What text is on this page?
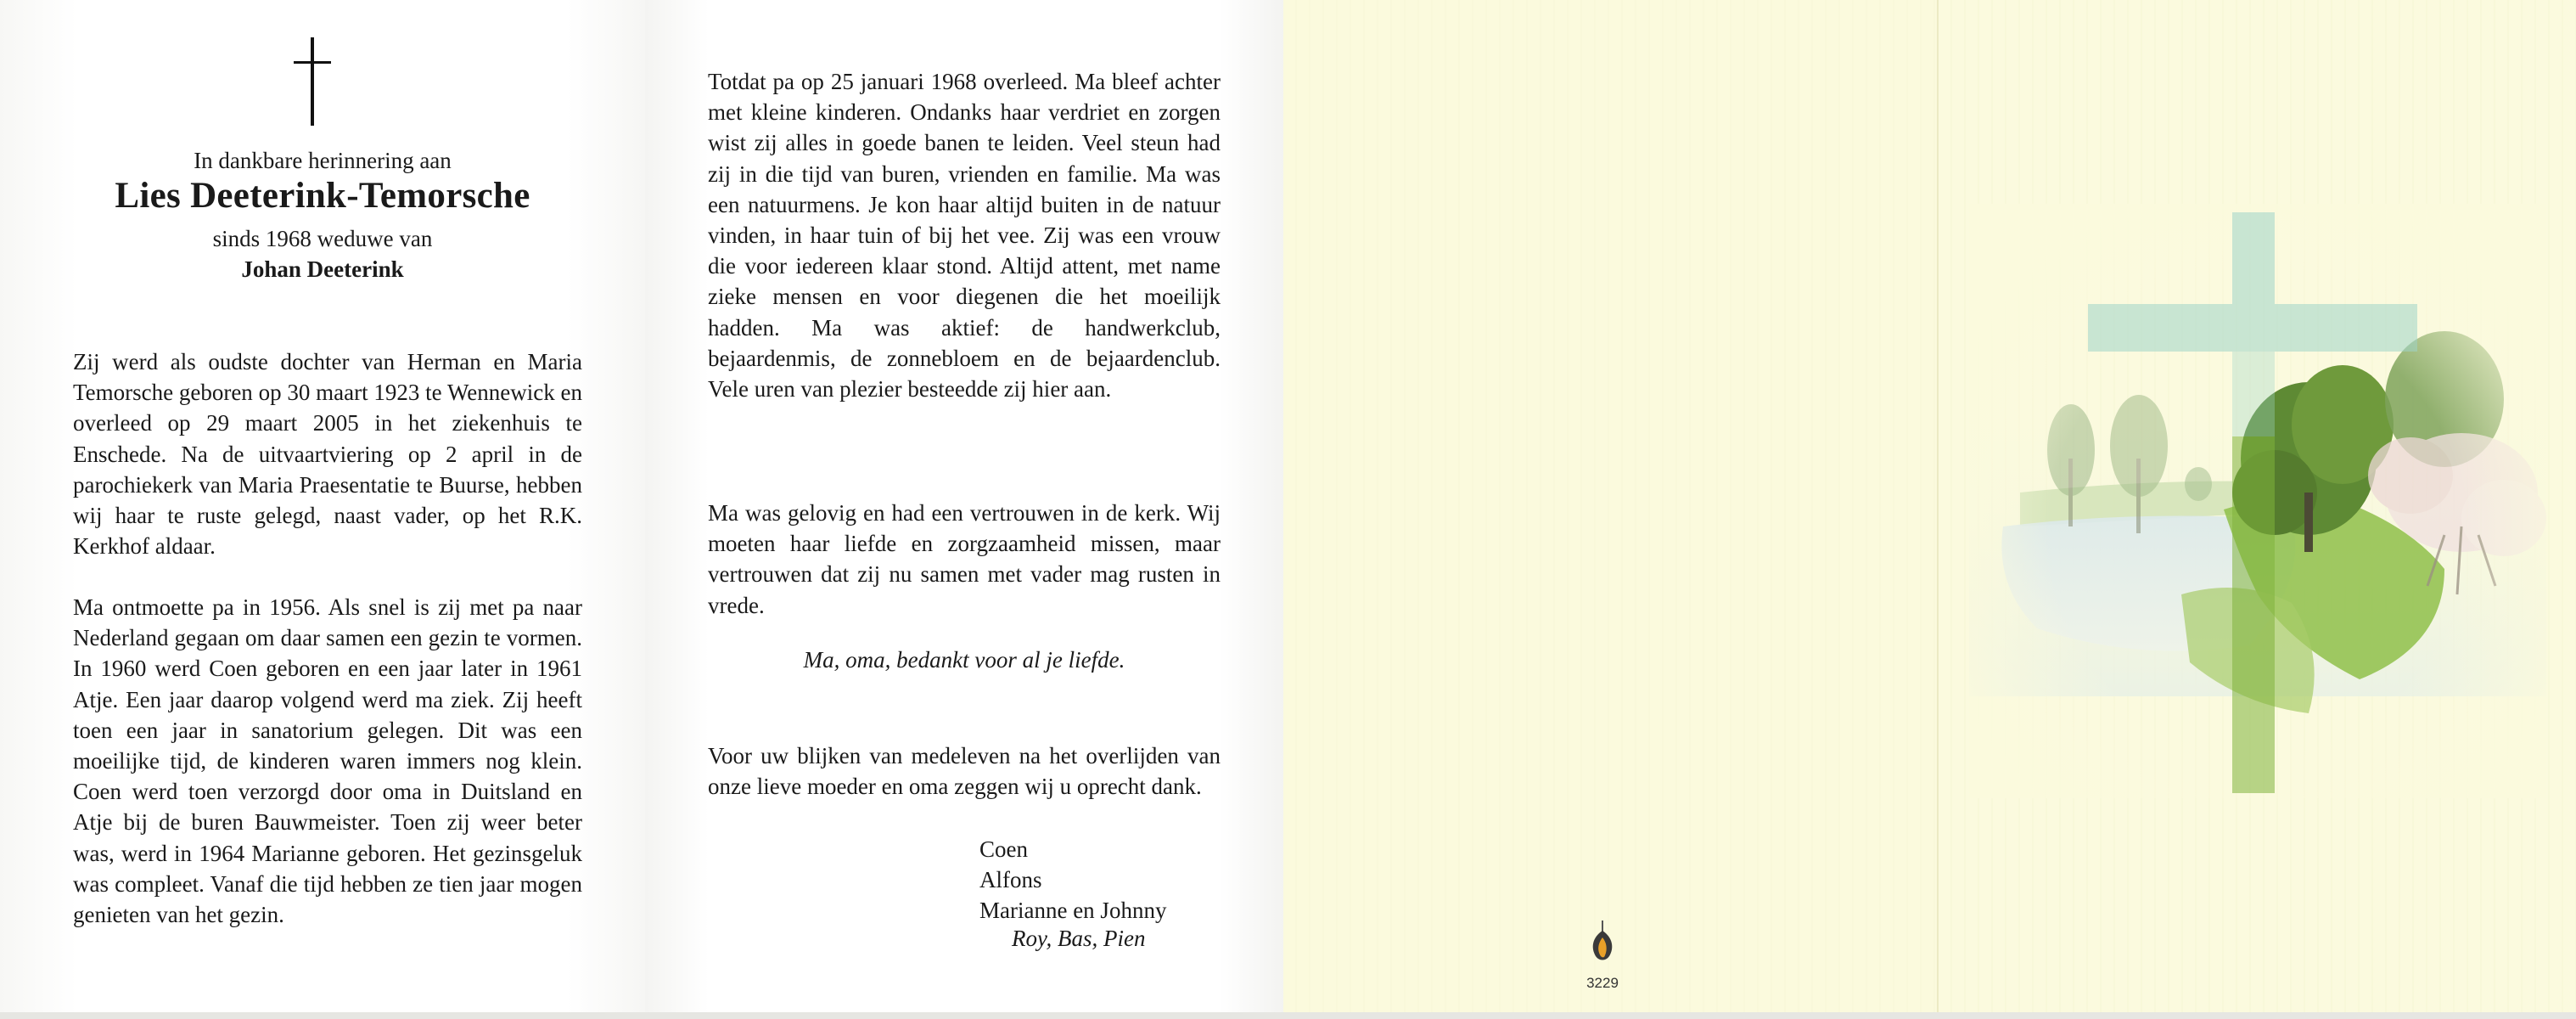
In dankbare herinnering aan

Lies Deeterink-Temorsche

sinds 1968 weduwe van

Johan Deeterink

Zij werd als oudste dochter van Herman en Maria Temorsche geboren op 30 maart 1923 te Wennewick en overleed op 29 maart 2005 in het ziekenhuis te Enschede. Na de uitvaartviering op 2 april in de parochiekerk van Maria Praesentatie te Buurse, hebben wij haar te ruste gelegd, naast vader, op het R.K. Kerkhof aldaar.

Ma ontmoette pa in 1956. Als snel is zij met pa naar Nederland gegaan om daar samen een gezin te vormen. In 1960 werd Coen geboren en een jaar later in 1961 Atje. Een jaar daarop volgend werd ma ziek. Zij heeft toen een jaar in sanatorium gelegen. Dit was een moeilijke tijd, de kinderen waren immers nog klein. Coen werd toen verzorgd door oma in Duitsland en Atje bij de buren Bauwmeister. Toen zij weer beter was, werd in 1964 Marianne geboren. Het gezinsgeluk was compleet. Vanaf die tijd hebben ze tien jaar mogen genieten van het gezin.

Totdat pa op 25 januari 1968 overleed. Ma bleef achter met kleine kinderen. Ondanks haar verdriet en zorgen wist zij alles in goede banen te leiden. Veel steun had zij in die tijd van buren, vrienden en familie. Ma was een natuurmens. Je kon haar altijd buiten in de natuur vinden, in haar tuin of bij het vee. Zij was een vrouw die voor iedereen klaar stond. Altijd attent, met name zieke mensen en voor diegenen die het moeilijk hadden. Ma was aktief: de handwerkclub, bejaardenmis, de zonnebloem en de bejaardenclub. Vele uren van plezier besteedde zij hier aan.

Ma was gelovig en had een vertrouwen in de kerk. Wij moeten haar liefde en zorgzaamheid missen, maar vertrouwen dat zij nu samen met vader mag rusten in vrede.

Ma, oma, bedankt voor al je liefde.

Voor uw blijken van medeleven na het overlijden van onze lieve moeder en oma zeggen wij u oprecht dank.

Coen
Alfons
Marianne en Johnny

Roy, Bas, Pien

3229
